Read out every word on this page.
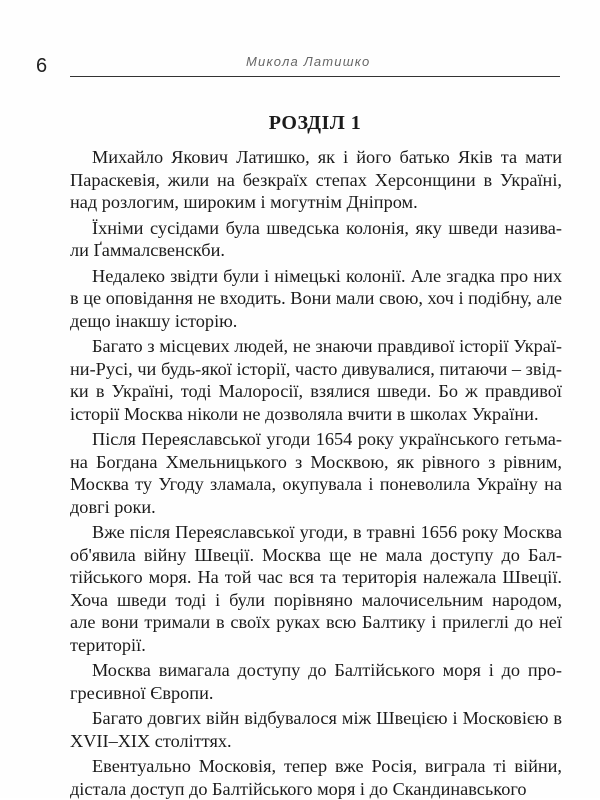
6	Микола Латишко
РОЗДІЛ 1
Михайло Якович Латишко, як і його батько Яків та мати
Параскевія, жили на безкраїх степах Херсонщини в Україні,
над розлогим, широким і могутнім Дніпром.
Їхніми сусідами була шведська колонія, яку шведи назива-
ли Ґаммалсвенскби.
Недалеко звідти були і німецькі колонії. Але згадка про них
в це оповідання не входить. Вони мали свою, хоч і подібну, але
дещо інакшу історію.
Багато з місцевих людей, не знаючи правдивої історії Украї-
ни-Русі, чи будь-якої історії, часто дивувалися, питаючи – звід-
ки в Україні, тоді Малоросії, взялися шведи. Бо ж правдивої
історії Москва ніколи не дозволяла вчити в школах України.
Після Переяславської угоди 1654 року українського гетьма-
на Богдана Хмельницького з Москвою, як рівного з рівним,
Москва ту Угоду зламала, окупувала і поневолила Україну на
довгі роки.
Вже після Переяславської угоди, в травні 1656 року Москва
об'явила війну Швеції. Москва ще не мала доступу до Бал-
тійського моря. На той час вся та територія належала Швеції.
Хоча шведи тоді і були порівняно малочисельним народом,
але вони тримали в своїх руках всю Балтику і прилеглі до неї
території.
Москва вимагала доступу до Балтійського моря і до про-
гресивної Європи.
Багато довгих війн відбувалося між Швецією і Московією в
XVII–XIX століттях.
Евентуально Московія, тепер вже Росія, виграла ті війни,
дістала доступ до Балтійського моря і до Скандинавського
